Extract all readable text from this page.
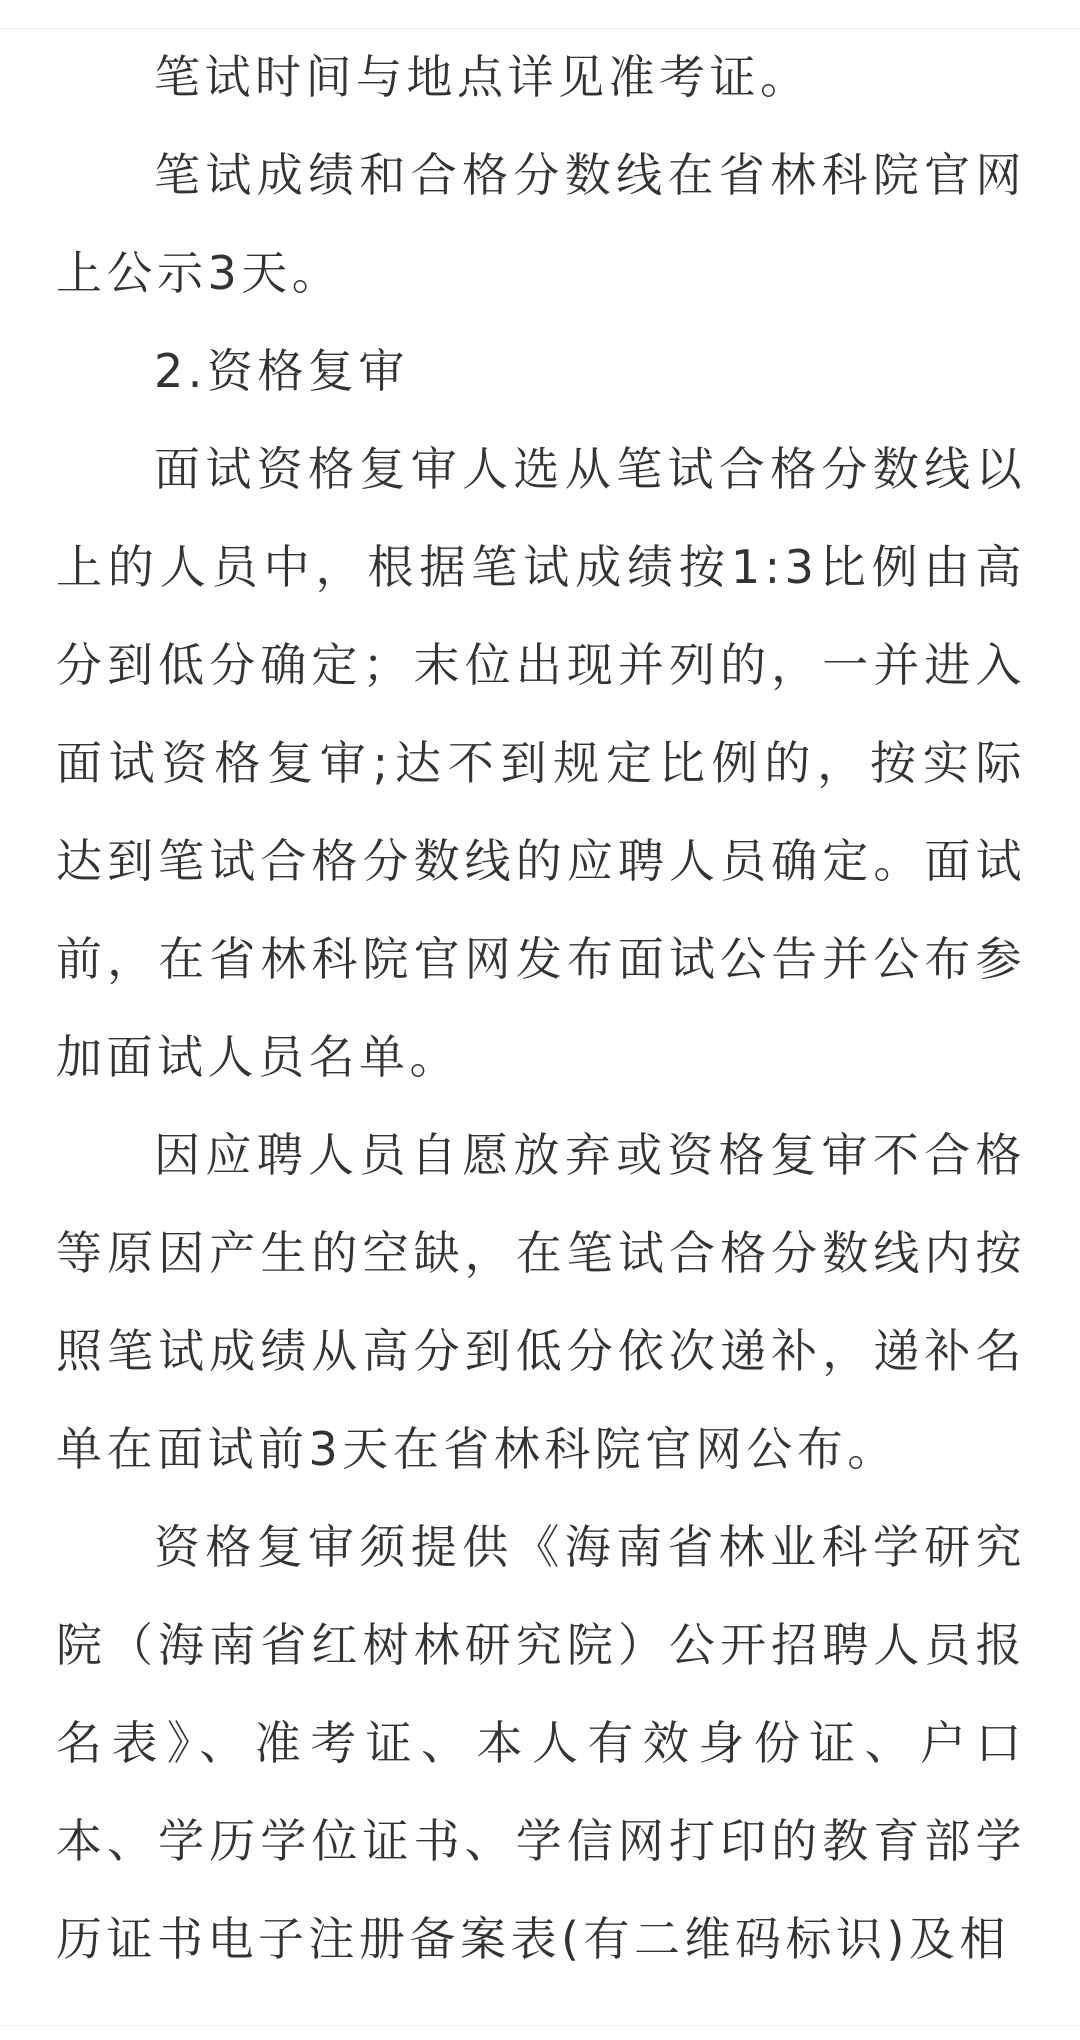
笔试时间与地点详见准考证。

笔试成绩和合格分数线在省林科院官网上公示3天。

2.资格复审

面试资格复审人选从笔试合格分数线以上的人员中，根据笔试成绩按1:3比例由高分到低分确定；末位出现并列的，一并进入面试资格复审;达不到规定比例的，按实际达到笔试合格分数线的应聘人员确定。面试前，在省林科院官网发布面试公告并公布参加面试人员名单。

因应聘人员自愿放弃或资格复审不合格等原因产生的空缺，在笔试合格分数线内按照笔试成绩从高分到低分依次递补，递补名单在面试前3天在省林科院官网公布。

资格复审须提供《海南省林业科学研究院（海南省红树林研究院）公开招聘人员报名表》、准考证、本人有效身份证、户口本、学历学位证书、学信网打印的教育部学历证书电子注册备案表(有二维码标识)及相
